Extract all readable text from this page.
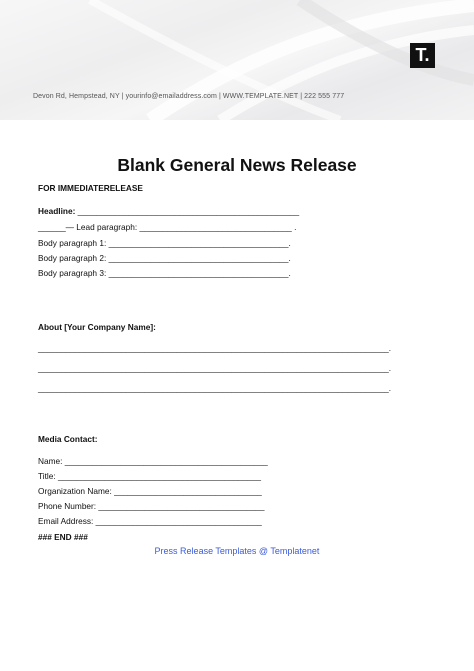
T.
Devon Rd, Hempstead, NY | yourinfo@emailaddress.com | WWW.TEMPLATE.NET | 222 555 777
Blank General News Release
FOR IMMEDIATERELEASE
Headline: ________________________________________________
______— Lead paragraph: _________________________________ .
Body paragraph 1: _______________________________________.
Body paragraph 2: _______________________________________.
Body paragraph 3: _______________________________________.
About [Your Company Name]:
____________________________________________________________________________.
____________________________________________________________________________.
____________________________________________________________________________.
Media Contact:
Name: ____________________________________________
Title: ____________________________________________
Organization Name: ________________________________
Phone Number: ____________________________________
Email Address: ____________________________________
### END ###
Press Release Templates @ Templatenet
